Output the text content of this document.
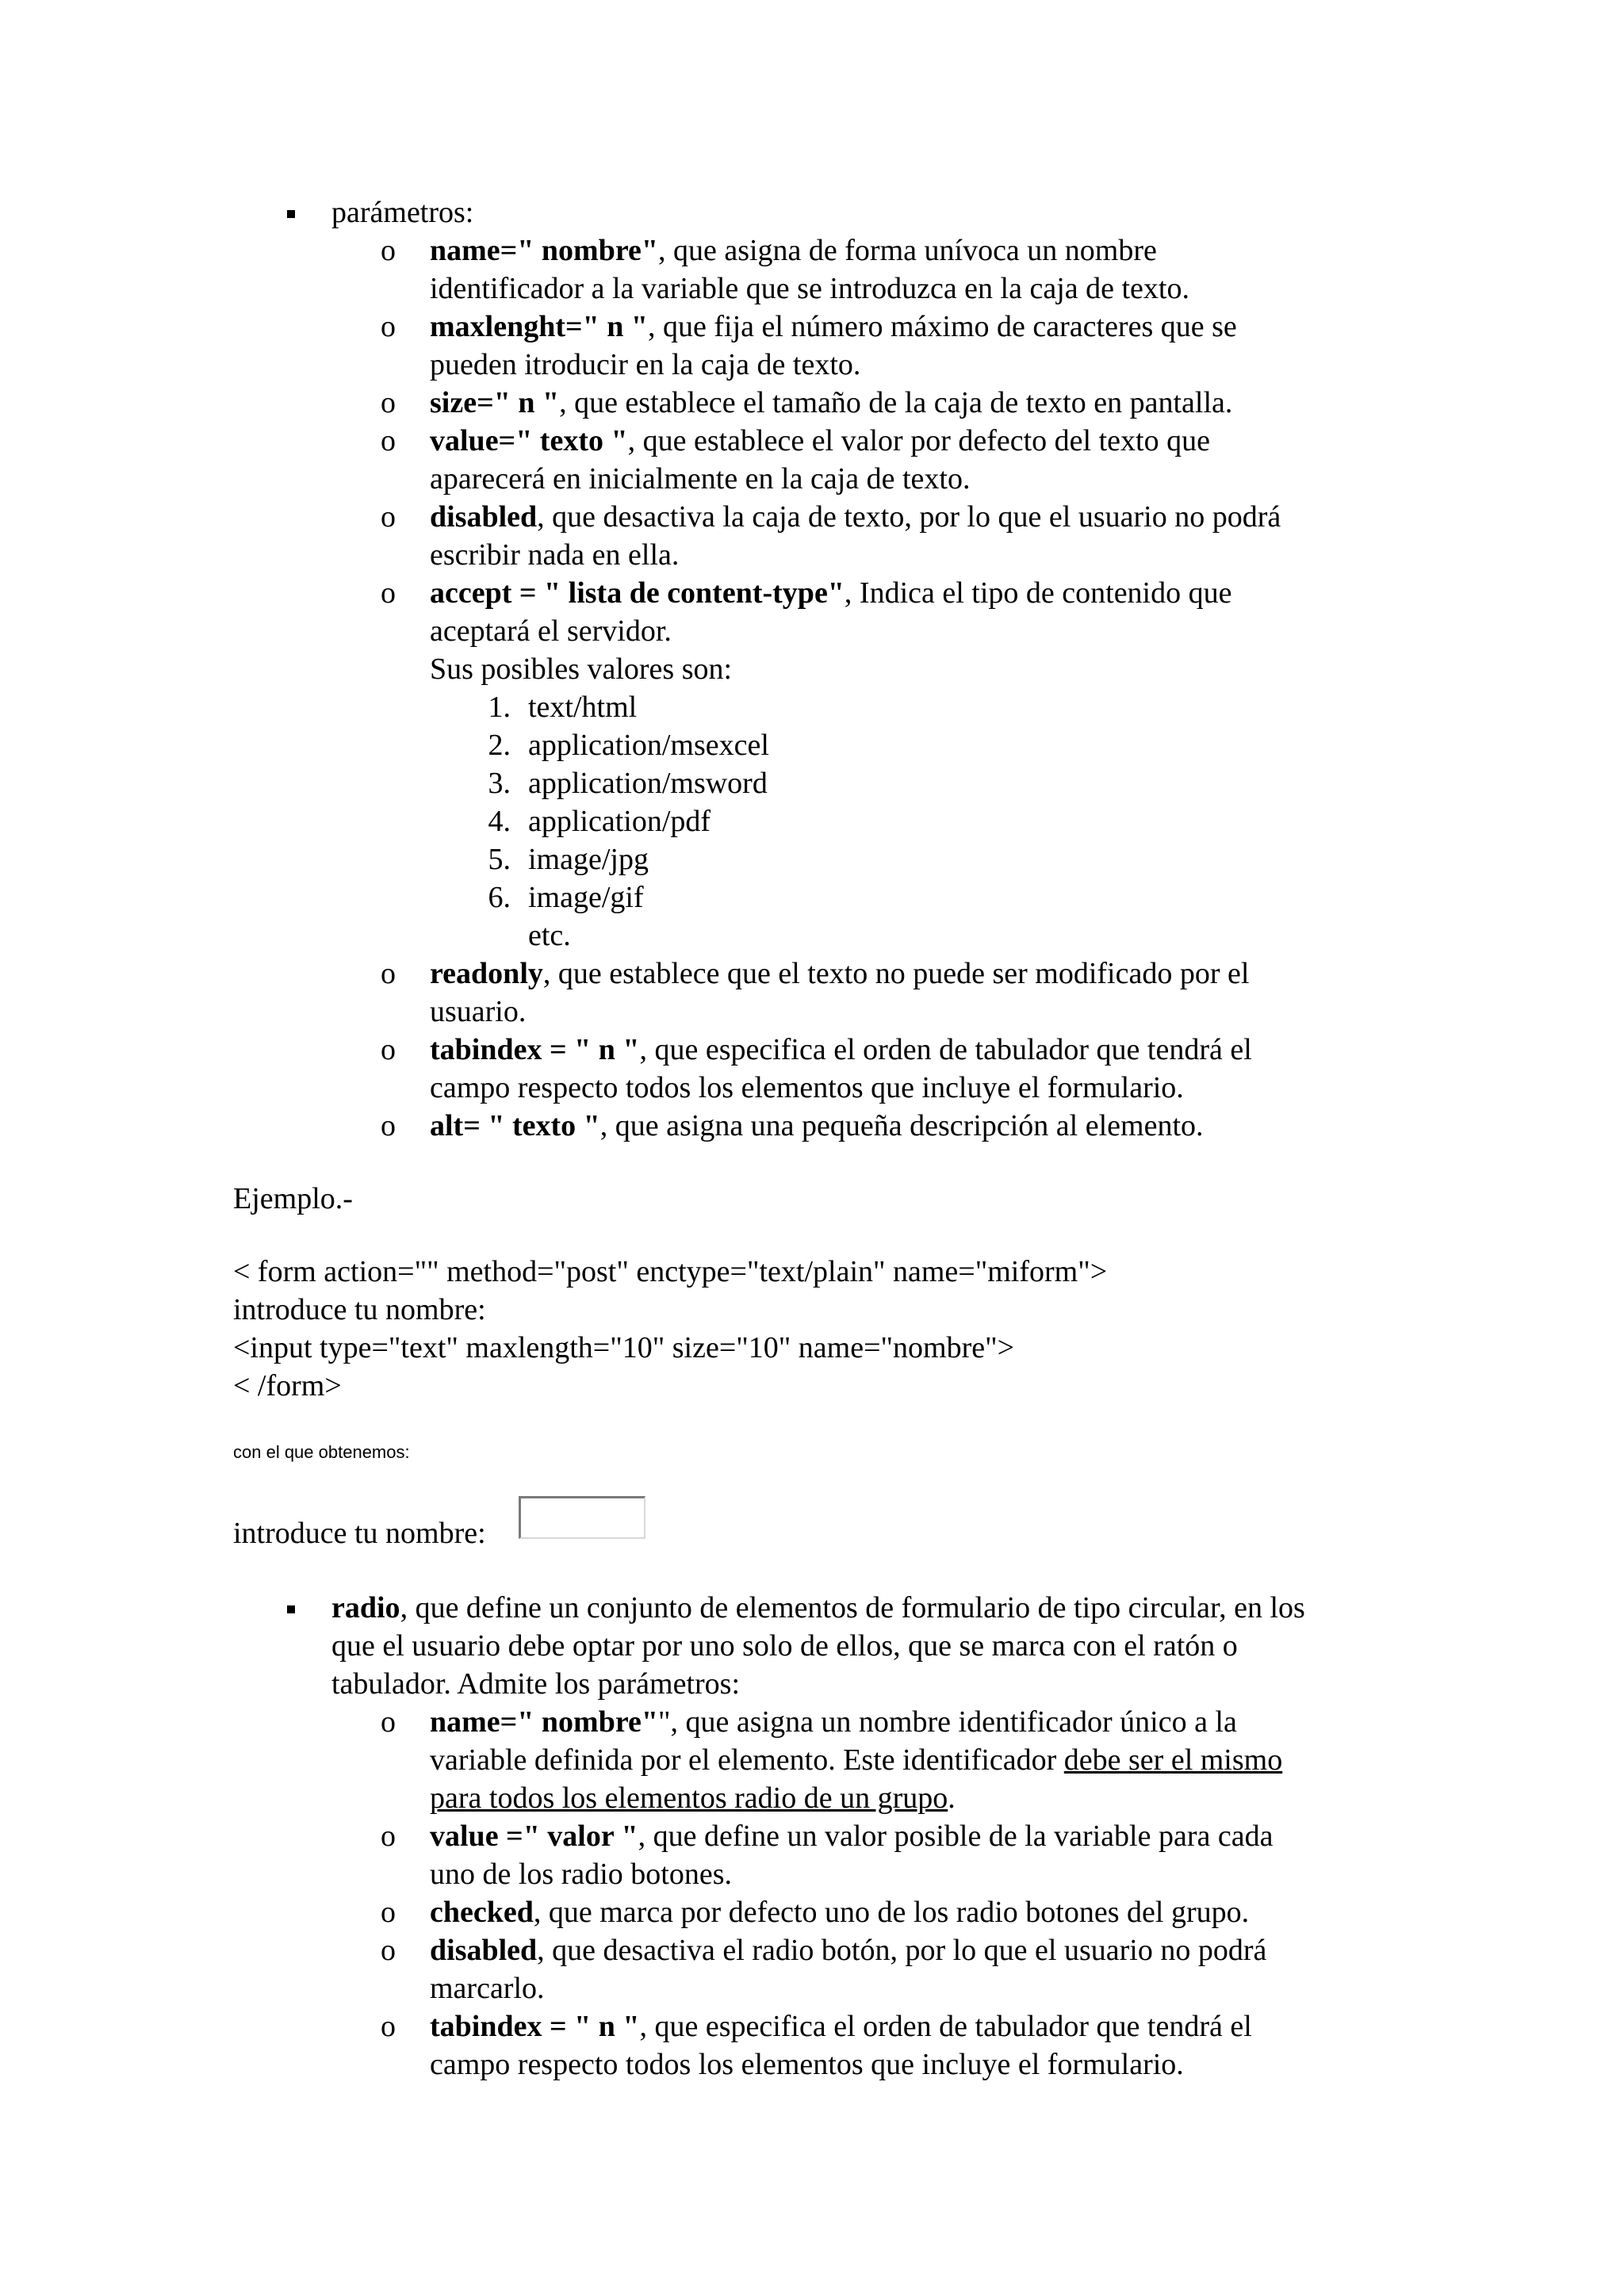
parámetros:
o name=" nombre", que asigna de forma unívoca un nombre
identificador a la variable que se introduzca en la caja de texto.
o maxlenght=" n ", que fija el número máximo de caracteres que se
pueden itroducir en la caja de texto.
o size=" n ", que establece el tamaño de la caja de texto en pantalla.
o value=" texto ", que establece el valor por defecto del texto que
aparecerá en inicialmente en la caja de texto.
o disabled, que desactiva la caja de texto, por lo que el usuario no podrá
escribir nada en ella.
o accept = " lista de content-type", Indica el tipo de contenido que
aceptará el servidor.
Sus posibles valores son:
1. text/html
2. application/msexcel
3. application/msword
4. application/pdf
5. image/jpg
6. image/gif
etc.
o readonly, que establece que el texto no puede ser modificado por el
usuario.
o tabindex = " n ", que especifica el orden de tabulador que tendrá el
campo respecto todos los elementos que incluye el formulario.
o alt= " texto ", que asigna una pequeña descripción al elemento.
Ejemplo.-
< form action="" method="post" enctype="text/plain" name="miform">
introduce tu nombre:
<input type="text" maxlength="10" size="10" name="nombre">
< /form>
con el que obtenemos:
introduce tu nombre:
radio, que define un conjunto de elementos de formulario de tipo circular, en los
que el usuario debe optar por uno solo de ellos, que se marca con el ratón o
tabulador. Admite los parámetros:
o name=" nombre"", que asigna un nombre identificador único a la
variable definida por el elemento. Este identificador debe ser el mismo
para todos los elementos radio de un grupo.
o value =" valor ", que define un valor posible de la variable para cada
uno de los radio botones.
o checked, que marca por defecto uno de los radio botones del grupo.
o disabled, que desactiva el radio botón, por lo que el usuario no podrá
marcarlo.
o tabindex = " n ", que especifica el orden de tabulador que tendrá el
campo respecto todos los elementos que incluye el formulario.
